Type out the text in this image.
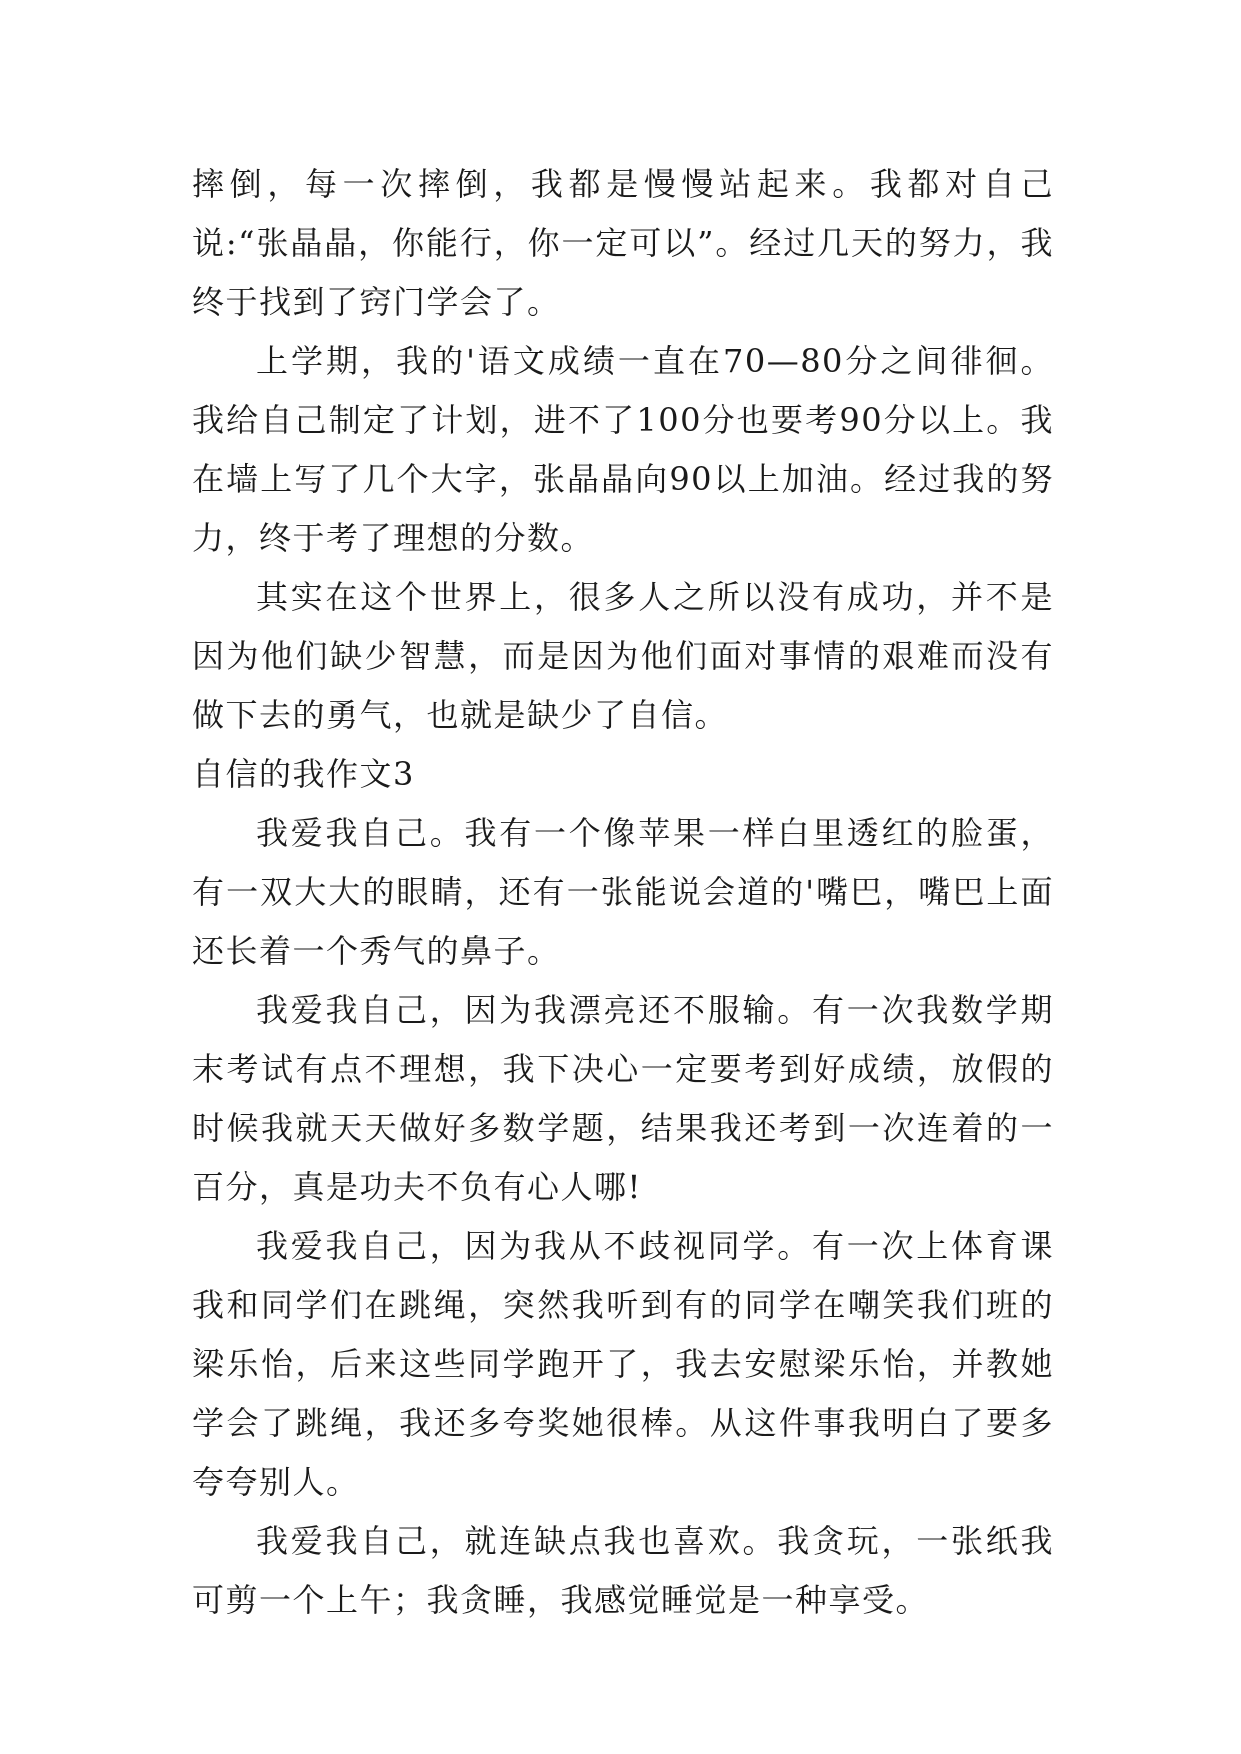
摔倒，每一次摔倒，我都是慢慢站起来。我都对自己说:“张晶晶，你能行，你一定可以”。经过几天的努力，我终于找到了窍门学会了。

上学期，我的'语文成绩一直在70—80分之间徘徊。我给自己制定了计划，进不了100分也要考90分以上。我在墙上写了几个大字，张晶晶向90以上加油。经过我的努力，终于考了理想的分数。

其实在这个世界上，很多人之所以没有成功，并不是因为他们缺少智慧，而是因为他们面对事情的艰难而没有做下去的勇气，也就是缺少了自信。

自信的我作文3

我爱我自己。我有一个像苹果一样白里透红的脸蛋，有一双大大的眼睛，还有一张能说会道的'嘴巴，嘴巴上面还长着一个秀气的鼻子。

我爱我自己，因为我漂亮还不服输。有一次我数学期末考试有点不理想，我下决心一定要考到好成绩，放假的时候我就天天做好多数学题，结果我还考到一次连着的一百分，真是功夫不负有心人哪!

我爱我自己，因为我从不歧视同学。有一次上体育课我和同学们在跳绳，突然我听到有的同学在嘲笑我们班的梁乐怡，后来这些同学跑开了，我去安慰梁乐怡，并教她学会了跳绳，我还多夸奖她很棒。从这件事我明白了要多夸夸别人。

我爱我自己，就连缺点我也喜欢。我贪玩，一张纸我可剪一个上午；我贪睡，我感觉睡觉是一种享受。
